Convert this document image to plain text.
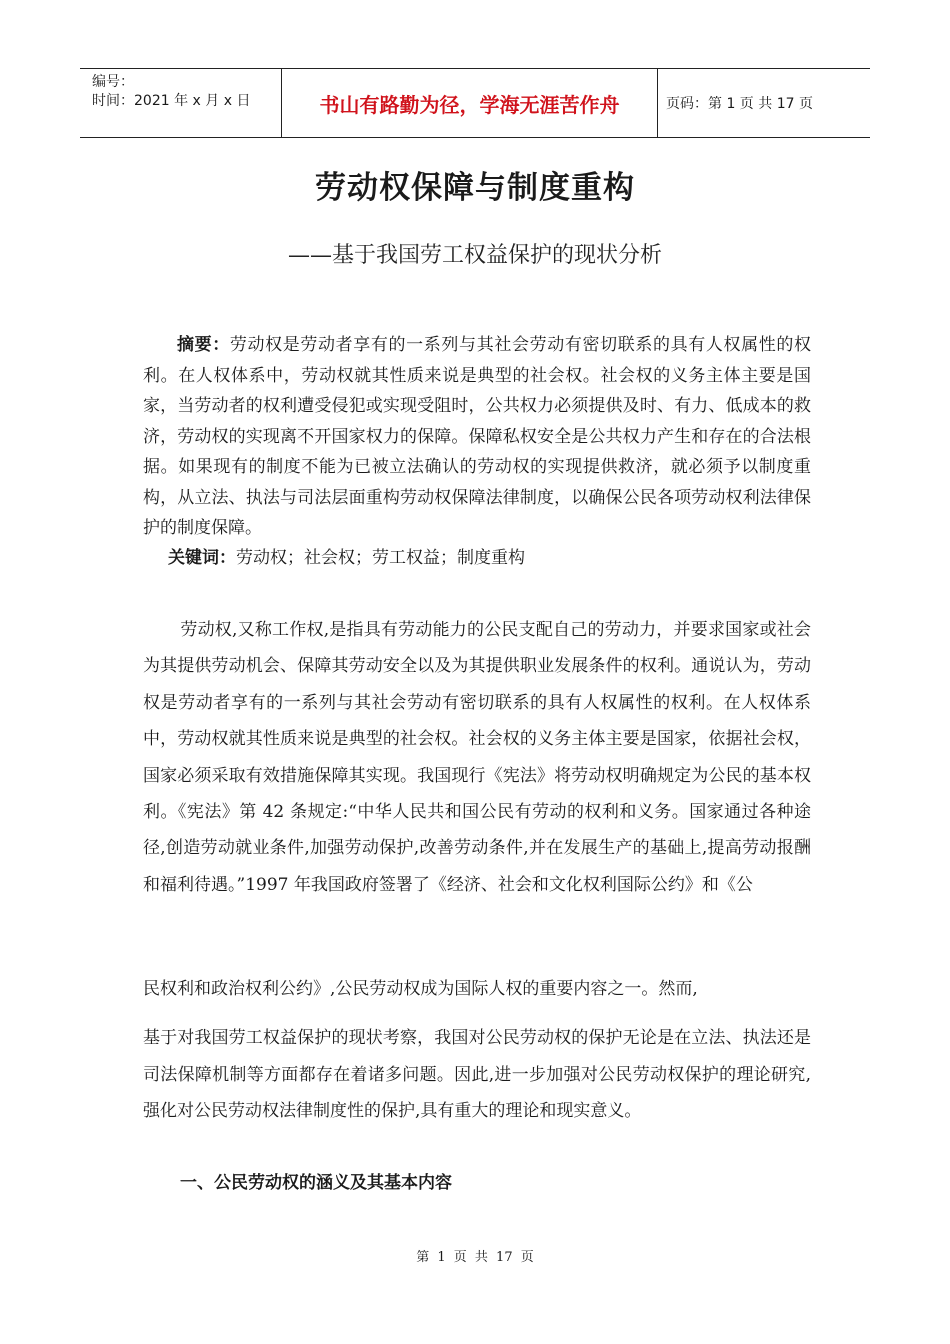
编号：
时间：2021 年 x 月 x 日	书山有路勤为径，学海无涯苦作舟	页码：第 1 页 共 17 页
劳动权保障与制度重构
——基于我国劳工权益保护的现状分析
摘要：劳动权是劳动者享有的一系列与其社会劳动有密切联系的具有人权属性的权利。在人权体系中，劳动权就其性质来说是典型的社会权。社会权的义务主体主要是国家，当劳动者的权利遭受侵犯或实现受阻时，公共权力必须提供及时、有力、低成本的救济，劳动权的实现离不开国家权力的保障。保障私权安全是公共权力产生和存在的合法根据。如果现有的制度不能为已被立法确认的劳动权的实现提供救济，就必须予以制度重构，从立法、执法与司法层面重构劳动权保障法律制度，以确保公民各项劳动权利法律保护的制度保障。
关键词：劳动权；社会权；劳工权益；制度重构
劳动权,又称工作权,是指具有劳动能力的公民支配自己的劳动力，并要求国家或社会为其提供劳动机会、保障其劳动安全以及为其提供职业发展条件的权利。通说认为，劳动权是劳动者享有的一系列与其社会劳动有密切联系的具有人权属性的权利。在人权体系中，劳动权就其性质来说是典型的社会权。社会权的义务主体主要是国家，依据社会权，国家必须采取有效措施保障其实现。我国现行《宪法》将劳动权明确规定为公民的基本权利。《宪法》第 42 条规定:“中华人民共和国公民有劳动的权利和义务。国家通过各种途径,创造劳动就业条件,加强劳动保护,改善劳动条件,并在发展生产的基础上,提高劳动报酬和福利待遇。”1997 年我国政府签署了《经济、社会和文化权利国际公约》和《公
民权利和政治权利公约》,公民劳动权成为国际人权的重要内容之一。然而,
基于对我国劳工权益保护的现状考察，我国对公民劳动权的保护无论是在立法、执法还是司法保障机制等方面都存在着诸多问题。因此,进一步加强对公民劳动权保护的理论研究,强化对公民劳动权法律制度性的保护,具有重大的理论和现实意义。
一、公民劳动权的涵义及其基本内容
第 1 页 共 17 页
